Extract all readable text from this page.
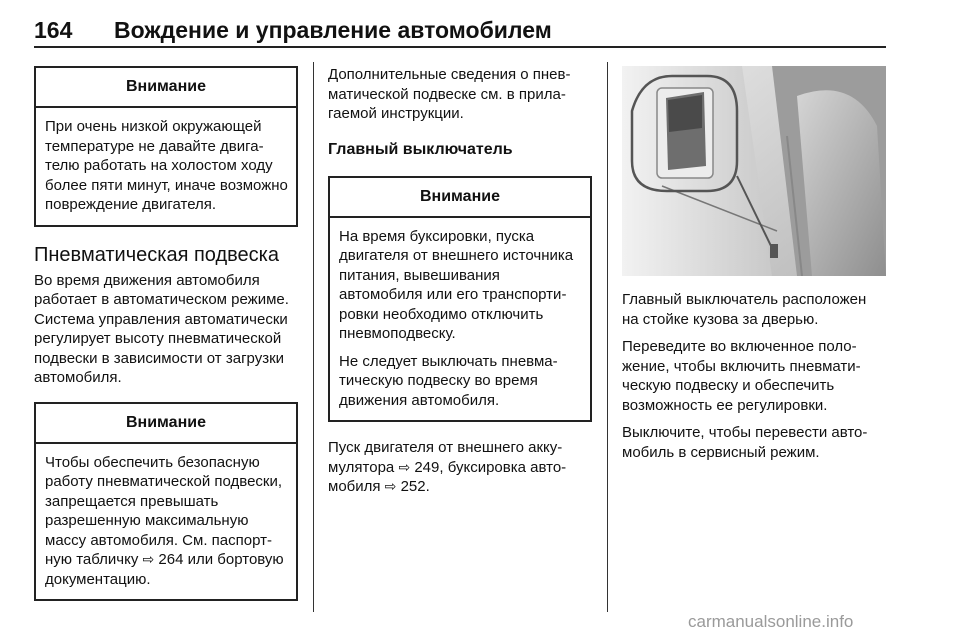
164 Вождение и управление автомобилем
Внимание

При очень низкой окружающей температуре не давайте двигателю работать на холостом ходу более пяти минут, иначе возможно повреждение двигателя.

Пневматическая подвеска

Во время движения автомобиля работает в автоматическом режиме. Система управления автоматически регулирует высоту пневматической подвески в зависимости от загрузки автомобиля.

Внимание

Чтобы обеспечить безопасную работу пневматической подвески, запрещается превышать разрешенную максимальную массу автомобиля. См. паспортную табличку ⇨ 264 или бортовую документацию.

Дополнительные сведения о пневматической подвеске см. в прилагаемой инструкции.

Главный выключатель
Внимание

На время буксировки, пуска двигателя от внешнего источника питания, вывешивания автомобиля или его транспортировки необходимо отключить пневмоподвеску.

Не следует выключать пневматическую подвеску во время движения автомобиля.

Пуск двигателя от внешнего аккумулятора ⇨ 249, буксировка автомобиля ⇨ 252.

Главный выключатель расположен на стойке кузова за дверью.

Переведите во включенное положение, чтобы включить пневматическую подвеску и обеспечить возможность ее регулировки.

Выключите, чтобы перевести автомобиль в сервисный режим.

carmanualsonline.info
